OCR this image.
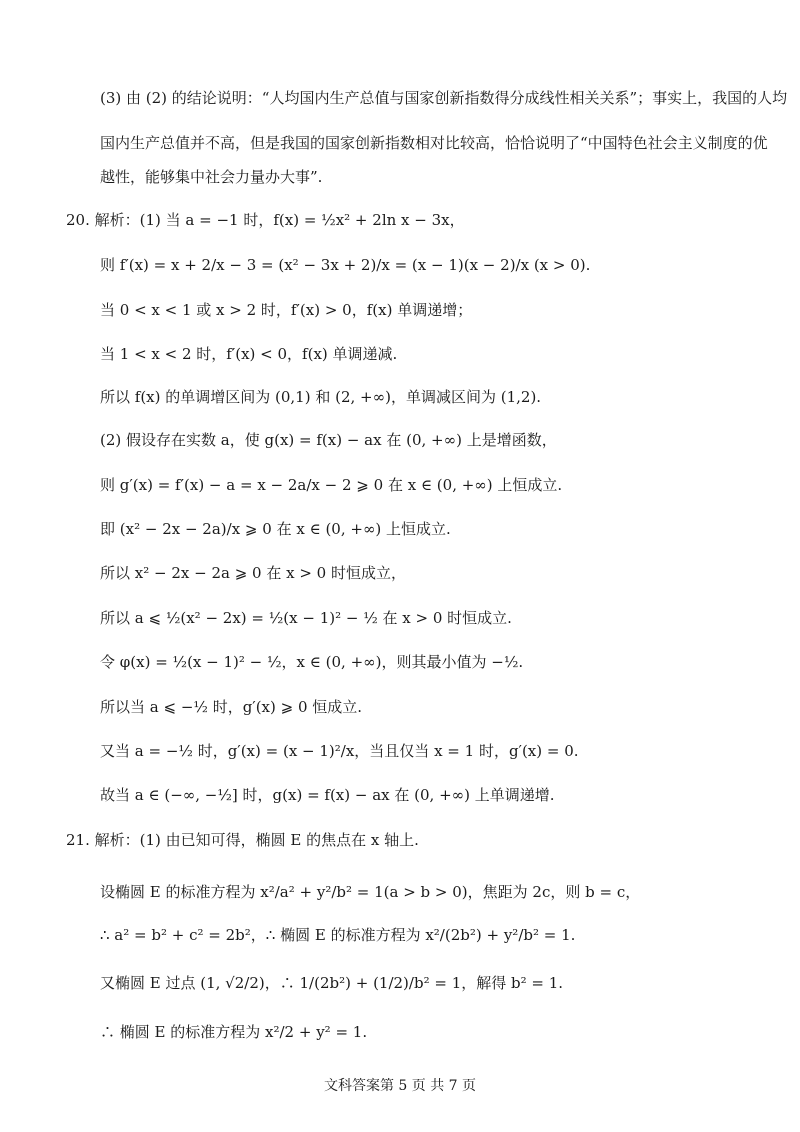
(3) 由 (2) 的结论说明：“人均国内生产总值与国家创新指数得分成线性相关关系”；事实上，我国的人均
国内生产总值并不高，但是我国的国家创新指数相对比较高，恰恰说明了“中国特色社会主义制度的优
越性，能够集中社会力量办大事”.
20. 解析：(1) 当 a = −1 时，f(x) = ½x² + 2ln x − 3x，
则 f′(x) = x + 2/x − 3 = (x² − 3x + 2)/x = (x − 1)(x − 2)/x (x > 0).
当 0 < x < 1 或 x > 2 时，f′(x) > 0，f(x) 单调递增；
当 1 < x < 2 时，f′(x) < 0，f(x) 单调递减.
所以 f(x) 的单调增区间为 (0,1) 和 (2, +∞)，单调减区间为 (1,2).
(2) 假设存在实数 a，使 g(x) = f(x) − ax 在 (0, +∞) 上是增函数，
则 g′(x) = f′(x) − a = x − 2a/x − 2 ⩾ 0 在 x ∈ (0, +∞) 上恒成立.
即 (x² − 2x − 2a)/x ⩾ 0 在 x ∈ (0, +∞) 上恒成立.
所以 x² − 2x − 2a ⩾ 0 在 x > 0 时恒成立，
所以 a ⩽ ½(x² − 2x) = ½(x − 1)² − ½ 在 x > 0 时恒成立.
令 φ(x) = ½(x − 1)² − ½，x ∈ (0, +∞)，则其最小值为 −½.
所以当 a ⩽ −½ 时，g′(x) ⩾ 0 恒成立.
又当 a = −½ 时，g′(x) = (x − 1)²/x，当且仅当 x = 1 时，g′(x) = 0.
故当 a ∈ (−∞, −½] 时，g(x) = f(x) − ax 在 (0, +∞) 上单调递增.
21. 解析：(1) 由已知可得，椭圆 E 的焦点在 x 轴上.
设椭圆 E 的标准方程为 x²/a² + y²/b² = 1(a > b > 0)，焦距为 2c，则 b = c，
∴ a² = b² + c² = 2b²，∴ 椭圆 E 的标准方程为 x²/(2b²) + y²/b² = 1.
又椭圆 E 过点 (1, √2/2)，∴ 1/(2b²) + (1/2)/b² = 1，解得 b² = 1.
∴ 椭圆 E 的标准方程为 x²/2 + y² = 1.
文科答案第 5 页 共 7 页
